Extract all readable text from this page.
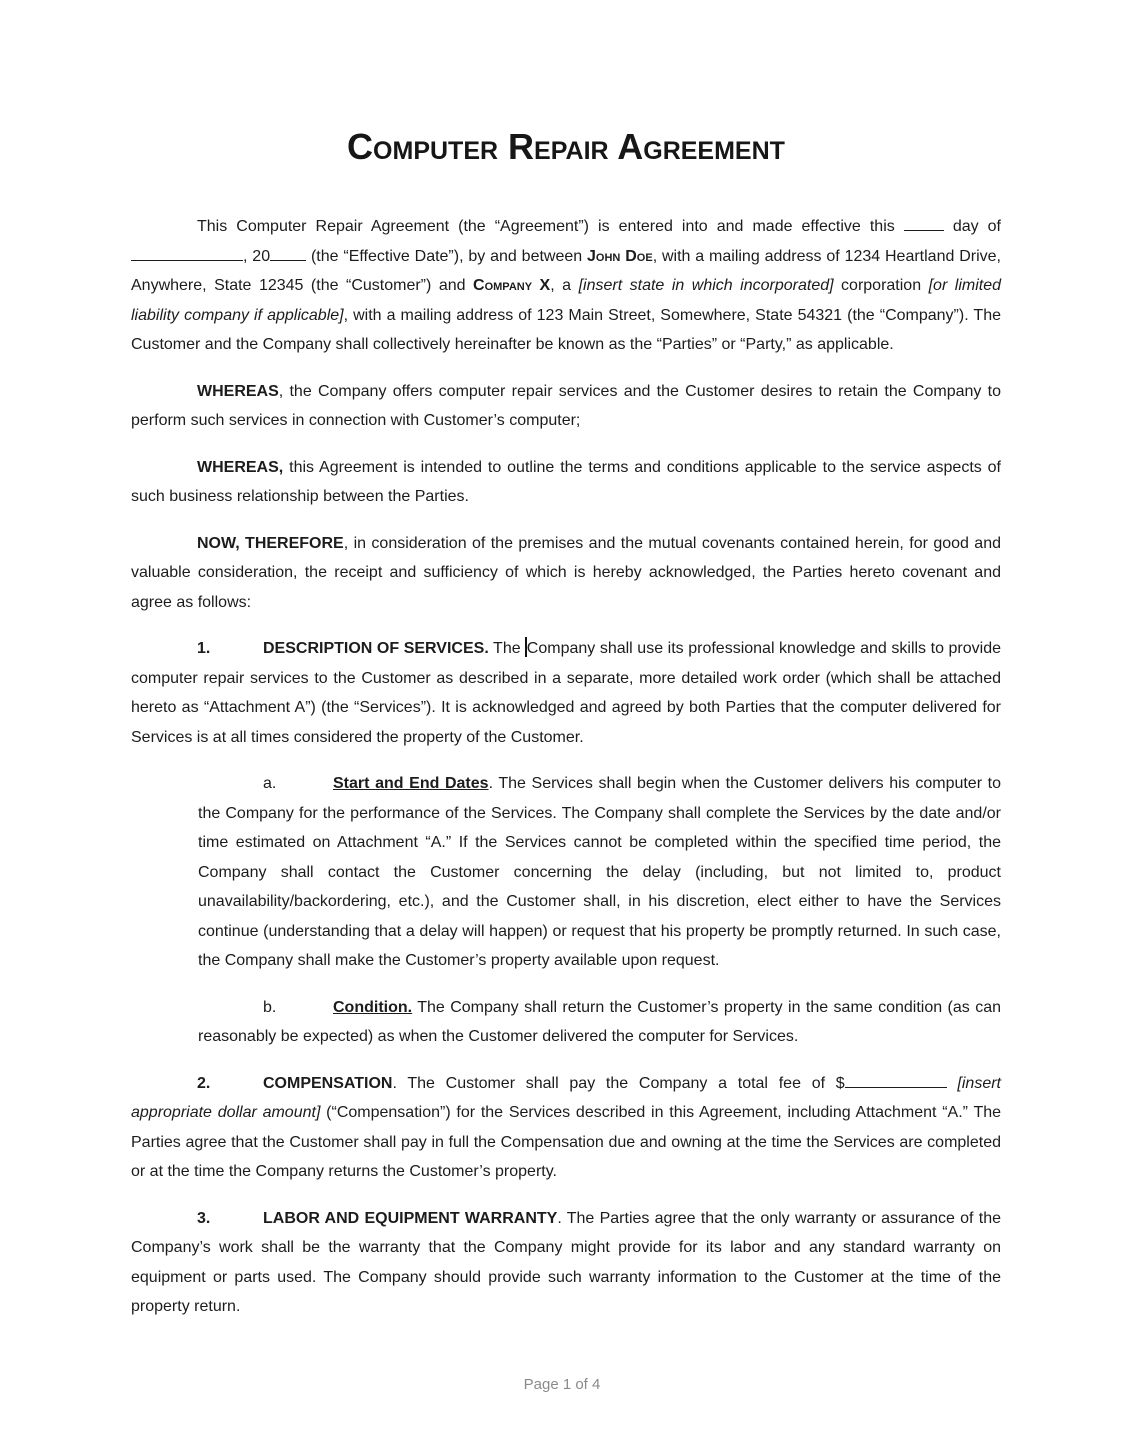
Computer Repair Agreement

This Computer Repair Agreement (the “Agreement”) is entered into and made effective this	day of , 20 (the “Effective Date”), by and between John Doe, with a mailing address of 1234 Heartland Drive, Anywhere, State 12345 (the “Customer”) and Company X, a [insert state in which incorporated] corporation [or limited liability company if applicable], with a mailing address of 123 Main Street, Somewhere, State 54321 (the “Company”). The Customer and the Company shall collectively hereinafter be known as the “Parties” or “Party,” as applicable.

WHEREAS, the Company offers computer repair services and the Customer desires to retain the Company to perform such services in connection with Customer’s computer;

WHEREAS, this Agreement is intended to outline the terms and conditions applicable to the service aspects of such business relationship between the Parties.

NOW, THEREFORE, in consideration of the premises and the mutual covenants contained herein, for good and valuable consideration, the receipt and sufficiency of which is hereby acknowledged, the Parties hereto covenant and agree as follows:

1.	DESCRIPTION OF SERVICES. The Company shall use its professional knowledge and skills to provide computer repair services to the Customer as described in a separate, more detailed work order (which shall be attached hereto as “Attachment A”) (the “Services”). It is acknowledged and agreed by both Parties that the computer delivered for Services is at all times considered the property of the Customer.

a.	Start and End Dates. The Services shall begin when the Customer delivers his computer to the Company for the performance of the Services. The Company shall complete the Services by the date and/or time estimated on Attachment “A.” If the Services cannot be completed within the specified time period, the Company shall contact the Customer concerning the delay (including, but not limited to, product unavailability/backordering, etc.), and the Customer shall, in his discretion, elect either to have the Services continue (understanding that a delay will happen) or request that his property be promptly returned. In such case, the Company shall make the Customer’s property available upon request.

b.	Condition. The Company shall return the Customer’s property in the same condition (as can reasonably be expected) as when the Customer delivered the computer for Services.

2.	COMPENSATION. The Customer shall pay the Company a total fee of $	[insert appropriate dollar amount] (“Compensation”) for the Services described in this Agreement, including Attachment “A.” The Parties agree that the Customer shall pay in full the Compensation due and owning at the time the Services are completed or at the time the Company returns the Customer’s property.

3.	LABOR AND EQUIPMENT WARRANTY. The Parties agree that the only warranty or assurance of the Company’s work shall be the warranty that the Company might provide for its labor and any standard warranty on equipment or parts used. The Company should provide such warranty information to the Customer at the time of the property return.

Page 1 of 4
